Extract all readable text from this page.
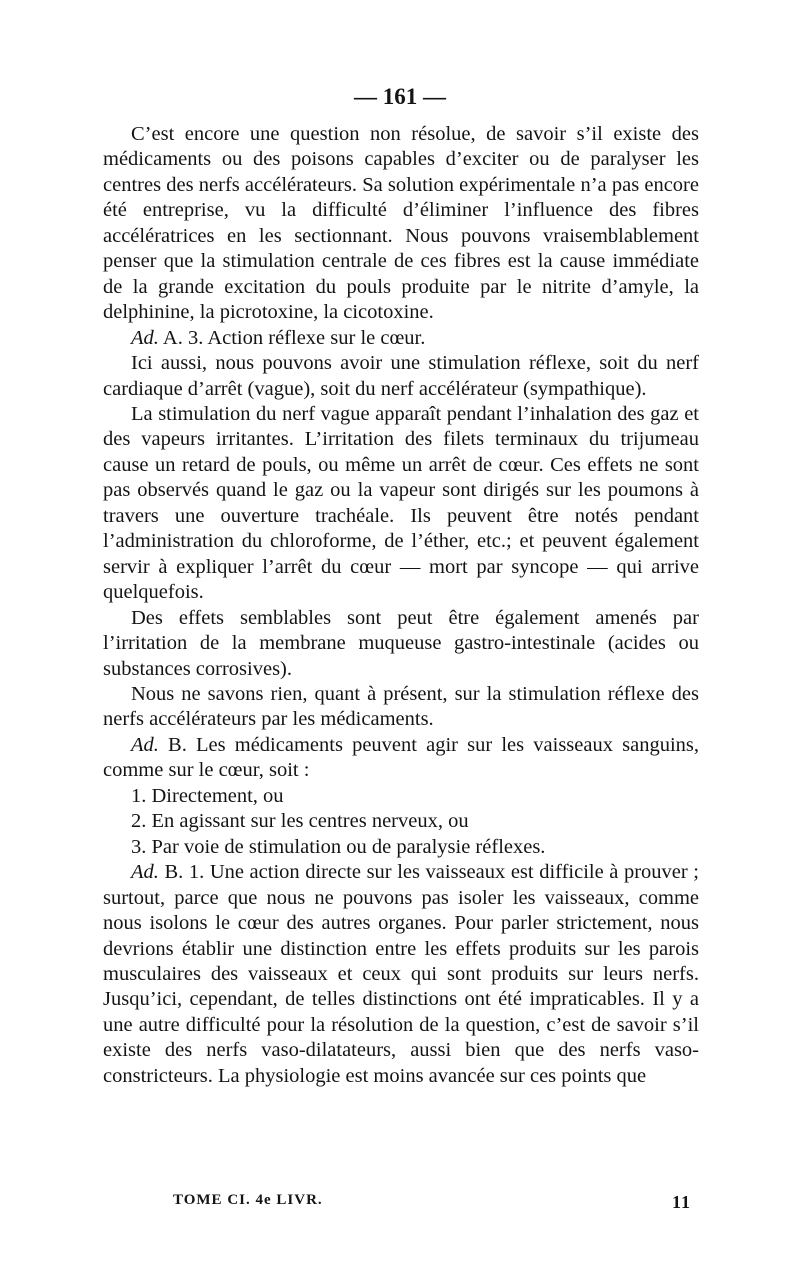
— 161 —

C’est encore une question non résolue, de savoir s’il existe des médicaments ou des poisons capables d’exciter ou de paralyser les centres des nerfs accélérateurs. Sa solution expérimentale n’a pas encore été entreprise, vu la difficulté d’éliminer l’influence des fibres accélératrices en les sectionnant. Nous pouvons vraisemblablement penser que la stimulation centrale de ces fibres est la cause immédiate de la grande excitation du pouls produite par le nitrite d’amyle, la delphinine, la picrotoxine, la cicotoxine.

Ad. A. 3. Action réflexe sur le cœur.

Ici aussi, nous pouvons avoir une stimulation réflexe, soit du nerf cardiaque d’arrêt (vague), soit du nerf accélérateur (sympathique).

La stimulation du nerf vague apparaît pendant l’inhalation des gaz et des vapeurs irritantes. L’irritation des filets terminaux du trijumeau cause un retard de pouls, ou même un arrêt de cœur. Ces effets ne sont pas observés quand le gaz ou la vapeur sont dirigés sur les poumons à travers une ouverture trachéale. Ils peuvent être notés pendant l’administration du chloroforme, de l’éther, etc.; et peuvent également servir à expliquer l’arrêt du cœur — mort par syncope — qui arrive quelquefois.

Des effets semblables sont peut être également amenés par l’irritation de la membrane muqueuse gastro-intestinale (acides ou substances corrosives).

Nous ne savons rien, quant à présent, sur la stimulation réflexe des nerfs accélérateurs par les médicaments.

Ad. B. Les médicaments peuvent agir sur les vaisseaux sanguins, comme sur le cœur, soit :

1. Directement, ou

2. En agissant sur les centres nerveux, ou

3. Par voie de stimulation ou de paralysie réflexes.

Ad. B. 1. Une action directe sur les vaisseaux est difficile à prouver ; surtout, parce que nous ne pouvons pas isoler les vaisseaux, comme nous isolons le cœur des autres organes. Pour parler strictement, nous devrions établir une distinction entre les effets produits sur les parois musculaires des vaisseaux et ceux qui sont produits sur leurs nerfs. Jusqu’ici, cependant, de telles distinctions ont été impraticables. Il y a une autre difficulté pour la résolution de la question, c’est de savoir s’il existe des nerfs vaso-dilatateurs, aussi bien que des nerfs vaso-constricteurs. La physiologie est moins avancée sur ces points que

TOME CI. 4e LIVR.	11
